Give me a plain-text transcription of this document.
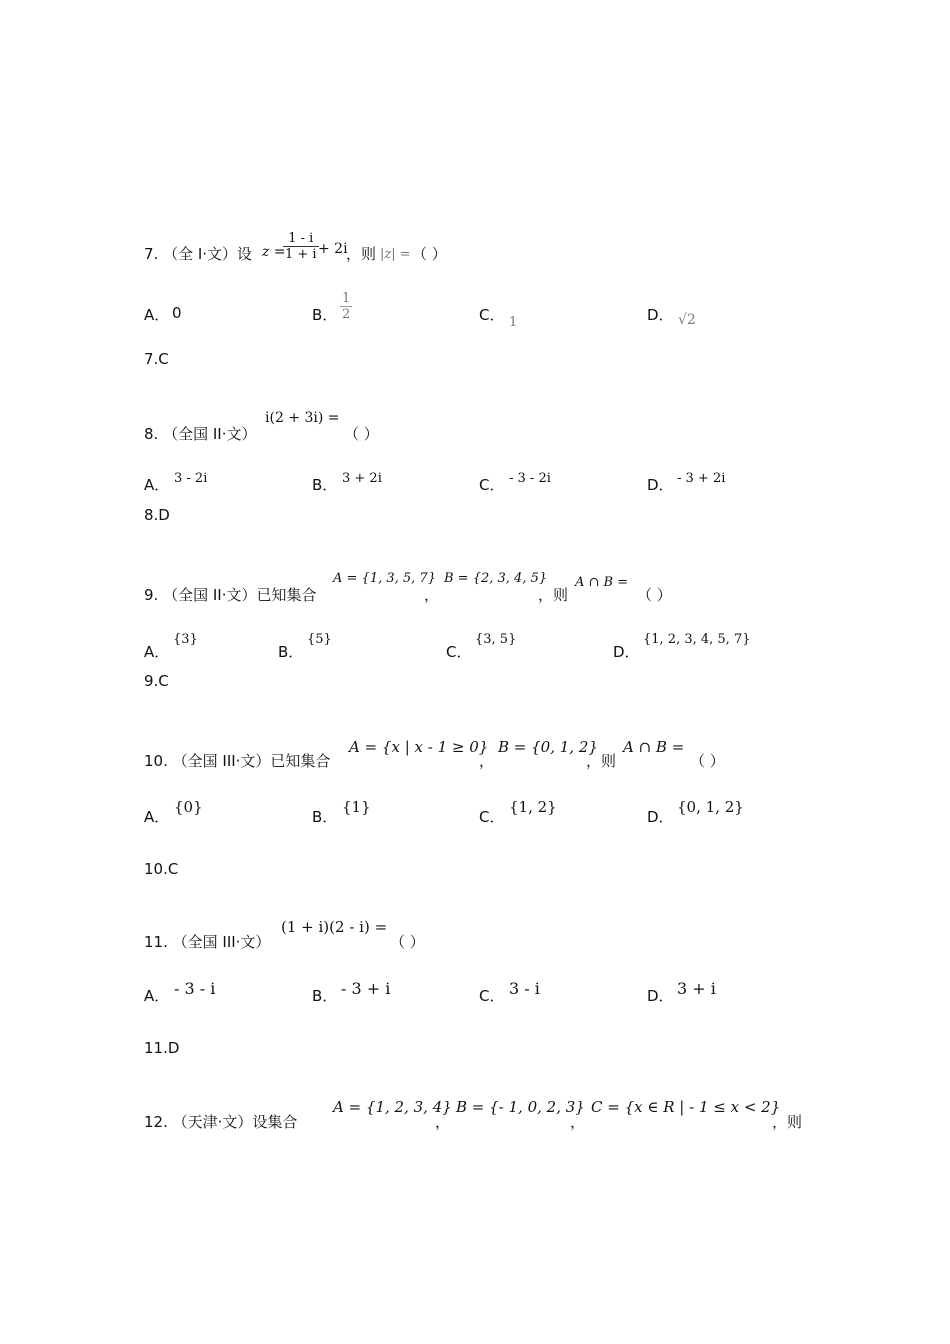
7. （全 I·文）设 z =
1 - i
1 + i + 2i
，则 |z| = （ ）
A． 0	B．
1
2	C． 1	D． √2
7.C
8. （全国 II·文）
i(2 + 3i) =
（ ）
A． 3 - 2i	B． 3 + 2i	C． - 3 - 2i	D． - 3 + 2i
8.D
9. （全国 II·文）已知集合
A = {1, 3, 5, 7}
，
B = {2, 3, 4, 5}
，则
A ∩ B =
（ ）
A．
{3}
B．
{5}
C．
{3, 5}
D．
{1, 2, 3, 4, 5, 7}
9.C
10. （全国 III·文）已知集合
A = {x | x - 1 ≥ 0}
，
B = {0, 1, 2}
，则
A ∩ B =
（ ）
A．
{0}
B．
{1}
C．
{1, 2}
D．
{0, 1, 2}
10.C
11. （全国 III·文）
(1 + i)(2 - i) =
（ ）
A． - 3 - i	B． - 3 + i	C． 3 - i	D． 3 + i
11.D
12. （天津·文）设集合
A = {1, 2, 3, 4}
，
B = {- 1, 0, 2, 3}
，
C = {x ∈ R | - 1 ≤ x < 2}
，则
